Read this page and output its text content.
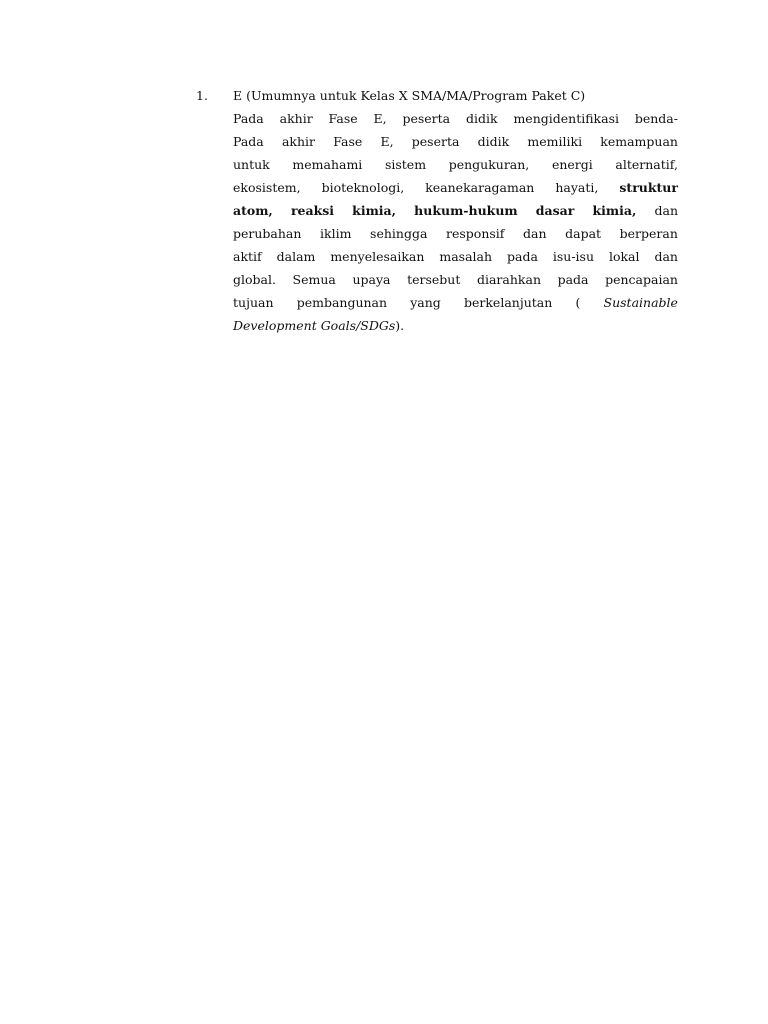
1. E (Umumnya untuk Kelas X SMA/MA/Program Paket C)
Pada akhir Fase E, peserta didik mengidentifikasi benda-
Pada akhir Fase E, peserta didik memiliki kemampuan
untuk memahami sistem pengukuran, energi alternatif,
ekosistem, bioteknologi, keanekaragaman hayati, struktur
atom, reaksi kimia, hukum-hukum dasar kimia, dan
perubahan iklim sehingga responsif dan dapat berperan
aktif dalam menyelesaikan masalah pada isu-isu lokal dan
global. Semua upaya tersebut diarahkan pada pencapaian
tujuan pembangunan yang berkelanjutan ( Sustainable
Development Goals/SDGs).
